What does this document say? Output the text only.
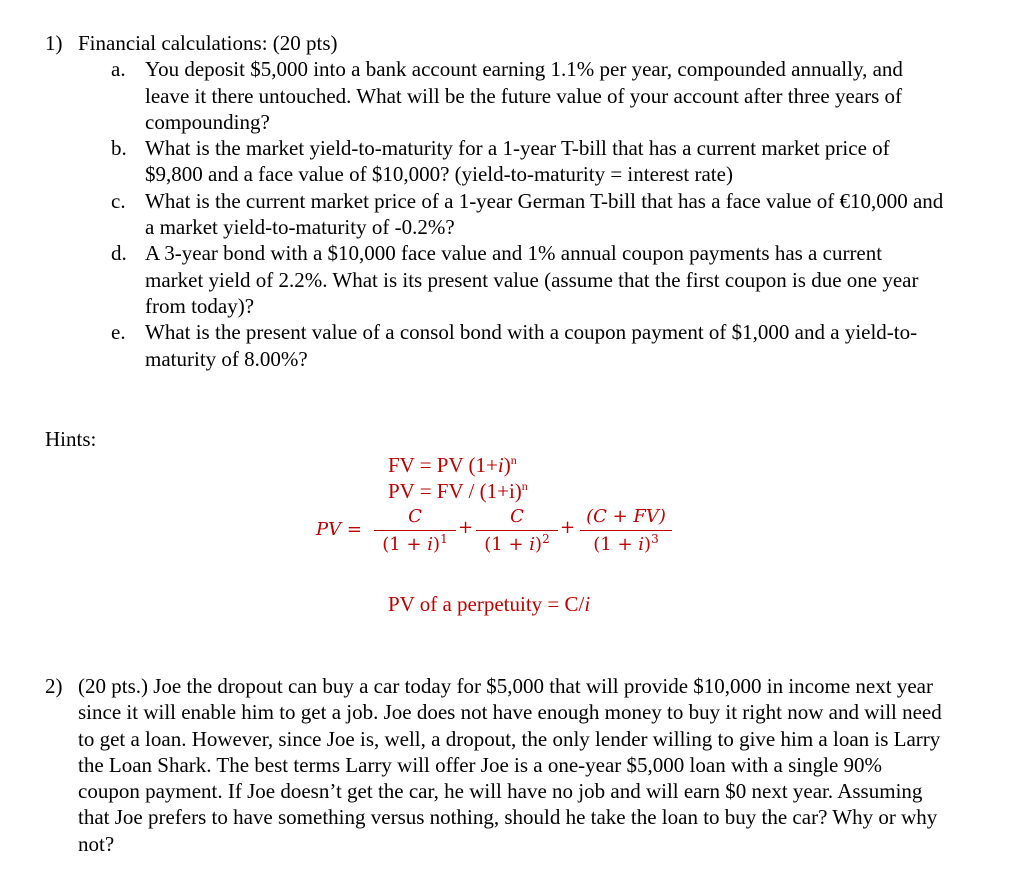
1) Financial calculations: (20 pts)
a. You deposit $5,000 into a bank account earning 1.1% per year, compounded annually, and leave it there untouched. What will be the future value of your account after three years of compounding?
b. What is the market yield-to-maturity for a 1-year T-bill that has a current market price of $9,800 and a face value of $10,000? (yield-to-maturity = interest rate)
c. What is the current market price of a 1-year German T-bill that has a face value of €10,000 and a market yield-to-maturity of -0.2%?
d. A 3-year bond with a $10,000 face value and 1% annual coupon payments has a current market yield of 2.2%. What is its present value (assume that the first coupon is due one year from today)?
e. What is the present value of a consol bond with a coupon payment of $1,000 and a yield-to-maturity of 8.00%?
Hints:
FV = PV $(1+i)^n$
PV = FV / $(1+i)^n$
PV =
C
$(1 + i)^1$
+
C
$(1 + i)^2$
+
(C + FV)
$(1 + i)^3$
PV of a perpetuity = C/i
2) (20 pts.) Joe the dropout can buy a car today for $5,000 that will provide $10,000 in income next year since it will enable him to get a job. Joe does not have enough money to buy it right now and will need to get a loan. However, since Joe is, well, a dropout, the only lender willing to give him a loan is Larry the Loan Shark. The best terms Larry will offer Joe is a one-year $5,000 loan with a single 90% coupon payment. If Joe doesn’t get the car, he will have no job and will earn $0 next year. Assuming that Joe prefers to have something versus nothing, should he take the loan to buy the car? Why or why not?
